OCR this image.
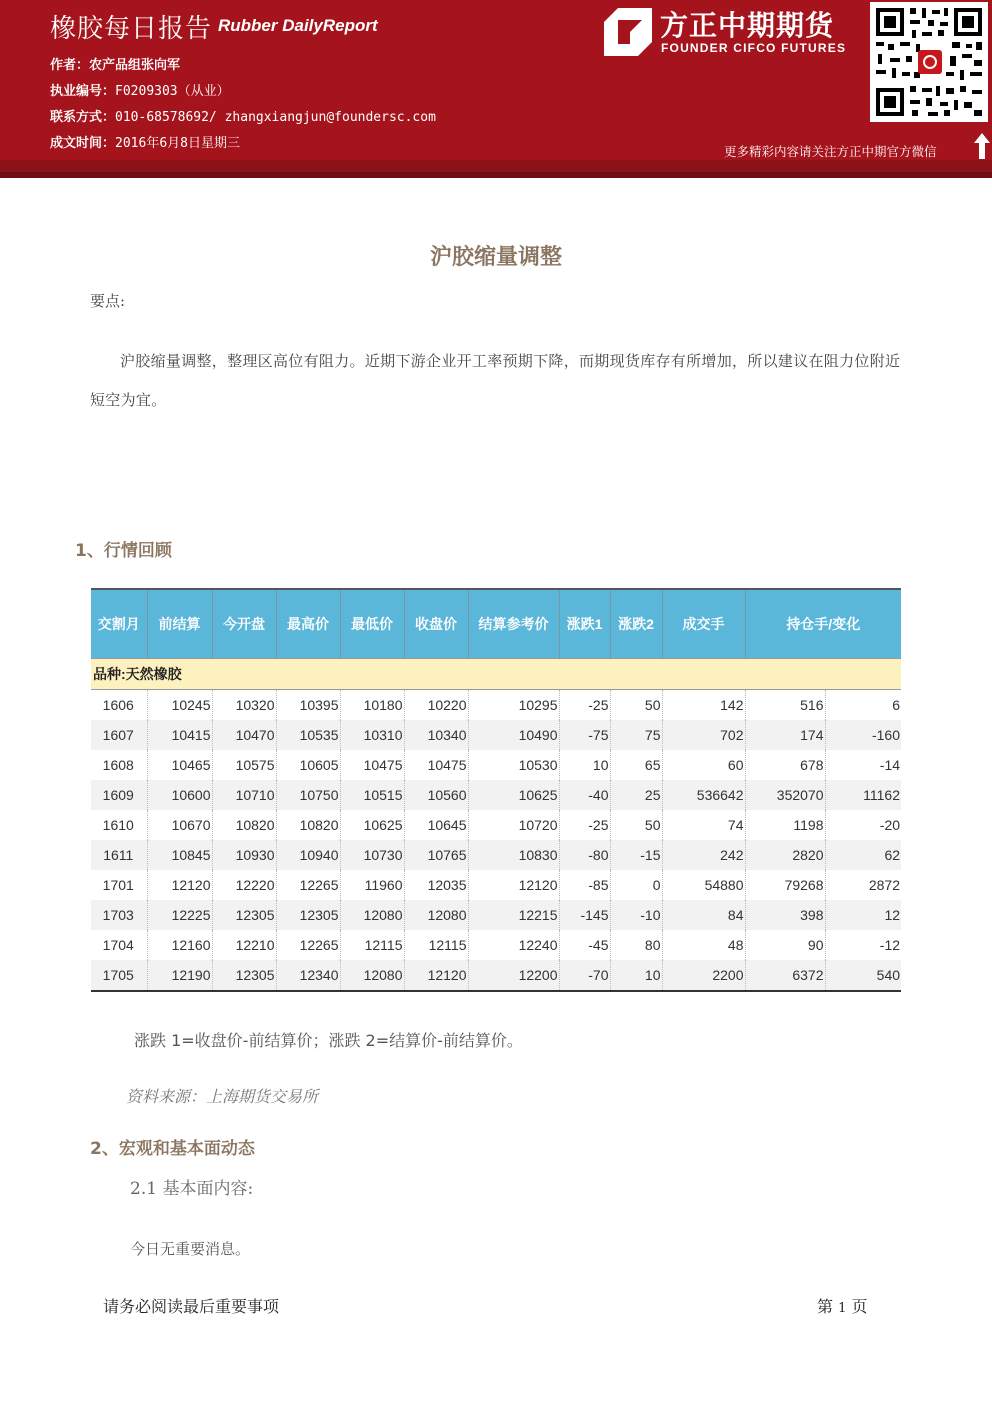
橡胶每日报告 Rubber DailyReport
作者：农产品组张向军
执业编号：F0209303（从业）
联系方式：010-68578692/ zhangxiangjun@foundersc.com
成文时间：2016年6月8日星期三
方正中期期货
FOUNDER CIFCO FUTURES
更多精彩内容请关注方正中期官方微信
沪胶缩量调整
要点:
沪胶缩量调整，整理区高位有阻力。近期下游企业开工率预期下降，而期现货库存有所增加，所以建议在阻力位附近短空为宜。
1、行情回顾
交割月	前结算	今开盘	最高价	最低价	收盘价	结算参考价	涨跌1	涨跌2	成交手	持仓手/变化	
品种:天然橡胶											
1606	10245	10320	10395	10180	10220	10295	-25	50	142	516	6
1607	10415	10470	10535	10310	10340	10490	-75	75	702	174	-160
1608	10465	10575	10605	10475	10475	10530	10	65	60	678	-14
1609	10600	10710	10750	10515	10560	10625	-40	25	536642	352070	11162
1610	10670	10820	10820	10625	10645	10720	-25	50	74	1198	-20
1611	10845	10930	10940	10730	10765	10830	-80	-15	242	2820	62
1701	12120	12220	12265	11960	12035	12120	-85	0	54880	79268	2872
1703	12225	12305	12305	12080	12080	12215	-145	-10	84	398	12
1704	12160	12210	12265	12115	12115	12240	-45	80	48	90	-12
1705	12190	12305	12340	12080	12120	12200	-70	10	2200	6372	540
涨跌 1=收盘价-前结算价；涨跌 2=结算价-前结算价。
资料来源：上海期货交易所
2、宏观和基本面动态
2.1 基本面内容:
今日无重要消息。
请务必阅读最后重要事项	第 1 页
